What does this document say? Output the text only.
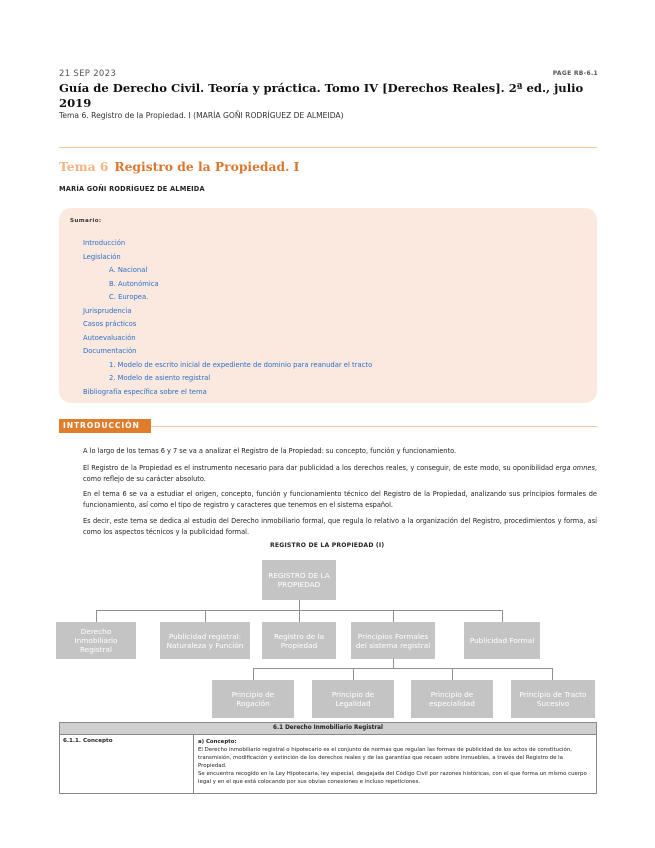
21 SEP 2023	PAGE RB-6.1
Guía de Derecho Civil. Teoría y práctica. Tomo IV [Derechos Reales]. 2ª ed., julio 2019
Tema 6. Registro de la Propiedad. I (MARÍA GOÑI RODRÍGUEZ DE ALMEIDA)
Tema 6 Registro de la Propiedad. I
MARÍA GOÑI RODRÍGUEZ DE ALMEIDA
Sumario:
Introducción
Legislación
A. Nacional
B. Autonómica
C. Europea.
Jurisprudencia
Casos prácticos
Autoevaluación
Documentación
1. Modelo de escrito inicial de expediente de dominio para reanudar el tracto
2. Modelo de asiento registral
Bibliografía específica sobre el tema
INTRODUCCIÓN
A lo largo de los temas 6 y 7 se va a analizar el Registro de la Propiedad: su concepto, función y funcionamiento.
El Registro de la Propiedad es el instrumento necesario para dar publicidad a los derechos reales, y conseguir, de este modo, su oponibilidad erga omnes, como reflejo de su carácter absoluto.
En el tema 6 se va a estudiar el origen, concepto, función y funcionamiento técnico del Registro de la Propiedad, analizando sus principios formales de funcionamiento, así como el tipo de registro y caracteres que tenemos en el sistema español.
Es decir, este tema se dedica al estudio del Derecho inmobiliario formal, que regula lo relativo a la organización del Registro, procedimientos y forma, así como los aspectos técnicos y la publicidad formal.
REGISTRO DE LA PROPIEDAD (I)
REGISTRO DE LA PROPIEDAD
Derecho Inmobiliario Registral
Publicidad registral: Naturaleza y Función
Registro de la Propiedad
Principios Formales del sistema registral	Publicidad Formal
Principio de Rogación
Principio de Legalidad
Principio de especialidad
Principio de Tracto Sucesivo
6.1 Derecho Inmobiliario Registral
6.1.1. Concepto	a) Concepto:
El Derecho inmobiliario registral o hipotecario es el conjunto de normas que regulan las formas de publicidad de los actos de constitución, transmisión, modificación y extinción de los derechos reales y de las garantías que recaen sobre inmuebles, a través del Registro de la Propiedad.
Se encuentra recogido en la Ley Hipotecaria, ley especial, desgajada del Código Civil por razones históricas, con el que forma un mismo cuerpo legal y en el que está colocando por sus obvias conexiones e incluso repeticiones.
